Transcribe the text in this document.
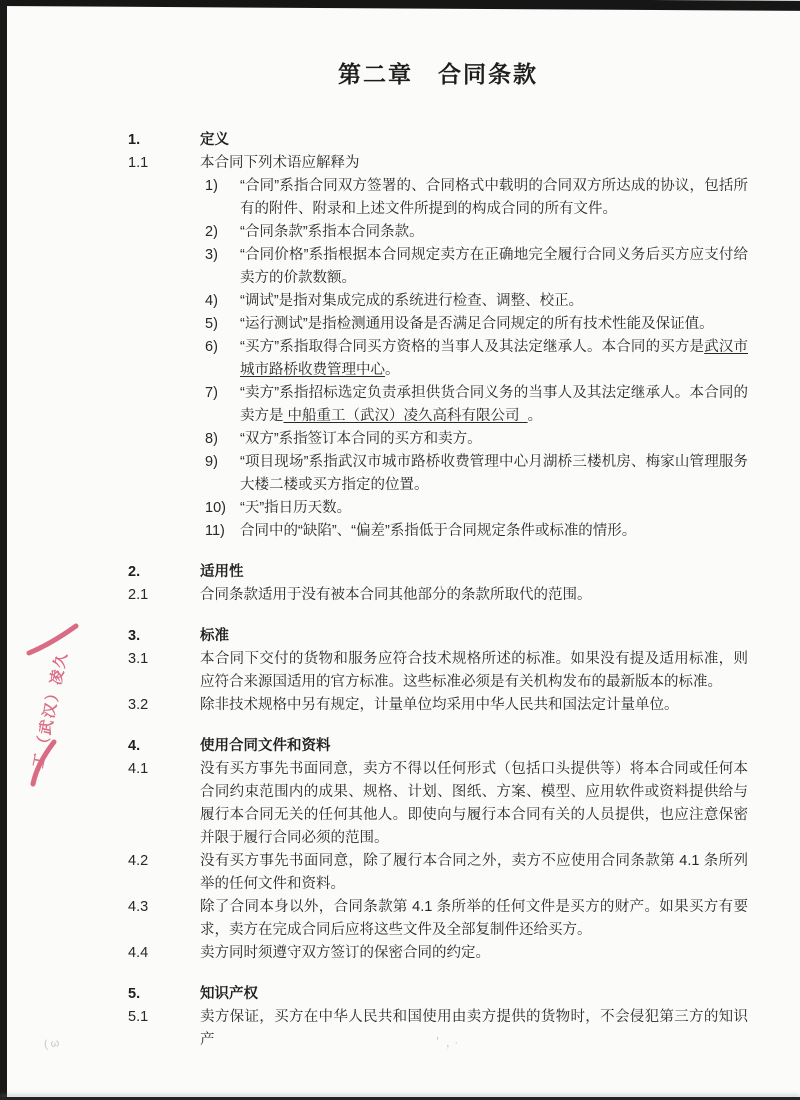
工（武汉）凌久
第二章　合同条款
1.	定义
1.1	本合同下列术语应解释为
1)	“合同”系指合同双方签署的、合同格式中载明的合同双方所达成的协议，包括所有的附件、附录和上述文件所提到的构成合同的所有文件。
2)	“合同条款”系指本合同条款。
3)	“合同价格”系指根据本合同规定卖方在正确地完全履行合同义务后买方应支付给卖方的价款数额。
4)	“调试”是指对集成完成的系统进行检查、调整、校正。
5)	“运行测试”是指检测通用设备是否满足合同规定的所有技术性能及保证值。
6)	“买方”系指取得合同买方资格的当事人及其法定继承人。本合同的买方是武汉市城市路桥收费管理中心。
7)	“卖方”系指招标选定负责承担供货合同义务的当事人及其法定继承人。本合同的卖方是 中船重工（武汉）凌久高科有限公司  。
8)	“双方”系指签订本合同的买方和卖方。
9)	“项目现场”系指武汉市城市路桥收费管理中心月湖桥三楼机房、梅家山管理服务大楼二楼或买方指定的位置。
10) “天”指日历天数。
11)	合同中的“缺陷”、“偏差”系指低于合同规定条件或标准的情形。
2.	适用性
2.1	合同条款适用于没有被本合同其他部分的条款所取代的范围。
3.	标准
3.1	本合同下交付的货物和服务应符合技术规格所述的标准。如果没有提及适用标准，则应符合来源国适用的官方标准。这些标准必须是有关机构发布的最新版本的标准。
3.2	除非技术规格中另有规定，计量单位均采用中华人民共和国法定计量单位。
4.	使用合同文件和资料
4.1	没有买方事先书面同意，卖方不得以任何形式（包括口头提供等）将本合同或任何本合同约束范围内的成果、规格、计划、图纸、方案、模型、应用软件或资料提供给与履行本合同无关的任何其他人。即使向与履行本合同有关的人员提供，也应注意保密并限于履行合同必须的范围。
4.2	没有买方事先书面同意，除了履行本合同之外，卖方不应使用合同条款第 4.1 条所列举的任何文件和资料。
4.3	除了合同本身以外，合同条款第 4.1 条所举的任何文件是买方的财产。如果买方有要求，卖方在完成合同后应将这些文件及全部复制件还给买方。
4.4	卖方同时须遵守双方签订的保密合同的约定。
5.	知识产权
5.1	卖方保证，买方在中华人民共和国使用由卖方提供的货物时，不会侵犯第三方的知识产
( ω	＇，·
